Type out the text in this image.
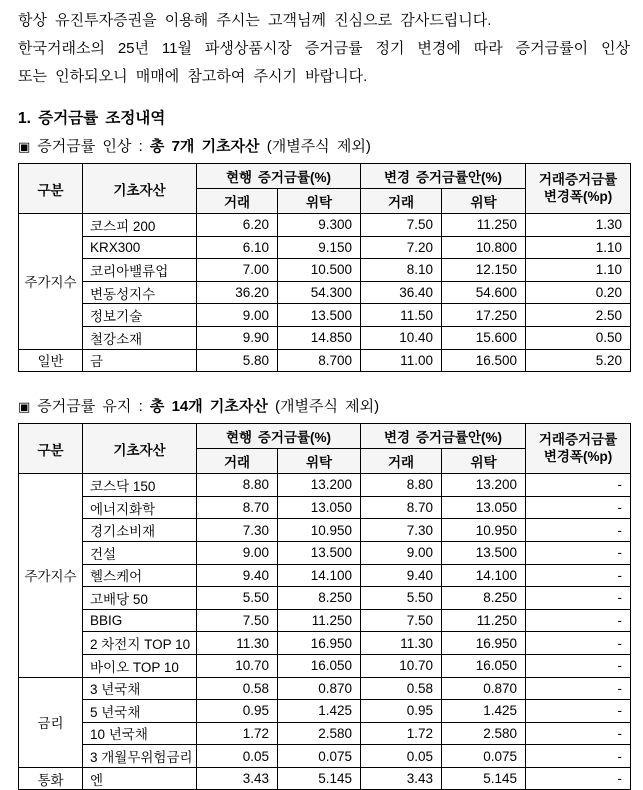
항상 유진투자증권을 이용해 주시는 고객님께 진심으로 감사드립니다.
한국거래소의 25년 11월 파생상품시장 증거금률 정기 변경에 따라 증거금률이 인상
또는 인하되오니 매매에 참고하여 주시기 바랍니다.
1. 증거금률 조정내역
▣ 증거금률 인상 : 총 7개 기초자산 (개별주식 제외)
구분	기초자산	현행 증거금률(%)		변경 증거금률안(%)		거래증거금률
변경폭(%p)

		거래	위탁	거래	위탁	
주가지수	코스피 200	6.20	9.300	7.50	11.250	1.30
	KRX300	6.10	9.150	7.20	10.800	1.10
	코리아밸류업	7.00	10.500	8.10	12.150	1.10
	변동성지수	36.20	54.300	36.40	54.600	0.20
	정보기술	9.00	13.500	11.50	17.250	2.50
	철강소재	9.90	14.850	10.40	15.600	0.50
일반	금	5.80	8.700	11.00	16.500	5.20
▣ 증거금률 유지 : 총 14개 기초자산 (개별주식 제외)
구분	기초자산	현행 증거금률(%)		변경 증거금률안(%)		거래증거금률
변경폭(%p)

		거래	위탁	거래	위탁	
주가지수	코스닥 150	8.80	13.200	8.80	13.200	-
	에너지화학	8.70	13.050	8.70	13.050	-
	경기소비재	7.30	10.950	7.30	10.950	-
	건설	9.00	13.500	9.00	13.500	-
	헬스케어	9.40	14.100	9.40	14.100	-
	고배당 50	5.50	8.250	5.50	8.250	-
	BBIG	7.50	11.250	7.50	11.250	-
	2 차전지 TOP 10	11.30	16.950	11.30	16.950	-
	바이오 TOP 10	10.70	16.050	10.70	16.050	-
금리	3 년국채	0.58	0.870	0.58	0.870	-
	5 년국채	0.95	1.425	0.95	1.425	-
	10 년국채	1.72	2.580	1.72	2.580	-
	3 개월무위험금리	0.05	0.075	0.05	0.075	-
통화	엔	3.43	5.145	3.43	5.145	-
